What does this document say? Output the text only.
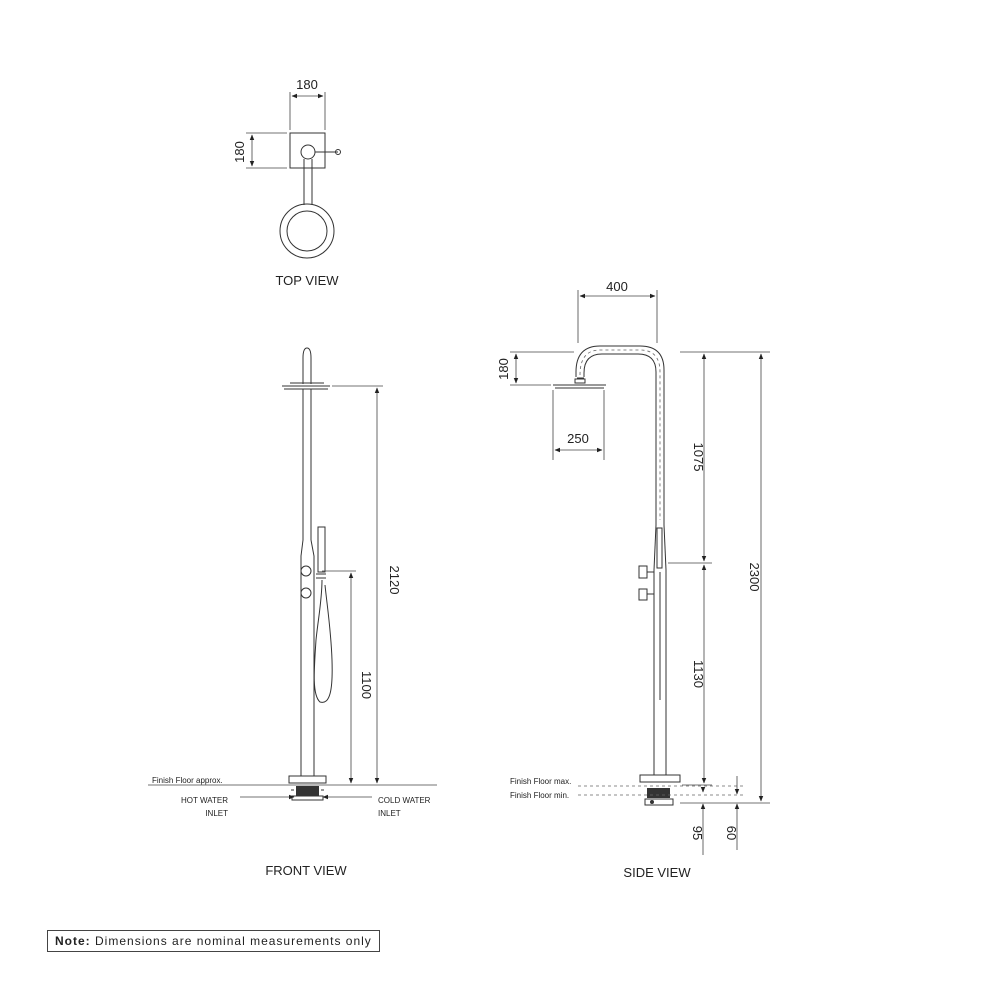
180
180
TOP VIEW
Finish Floor approx.
HOT WATER
INLET
COLD WATER
INLET
2120
1100
FRONT VIEW
Finish Floor max.
Finish Floor min.
400
180
250
1075
1130
2300
95 60
SIDE VIEW
Note: Dimensions are nominal measurements only
